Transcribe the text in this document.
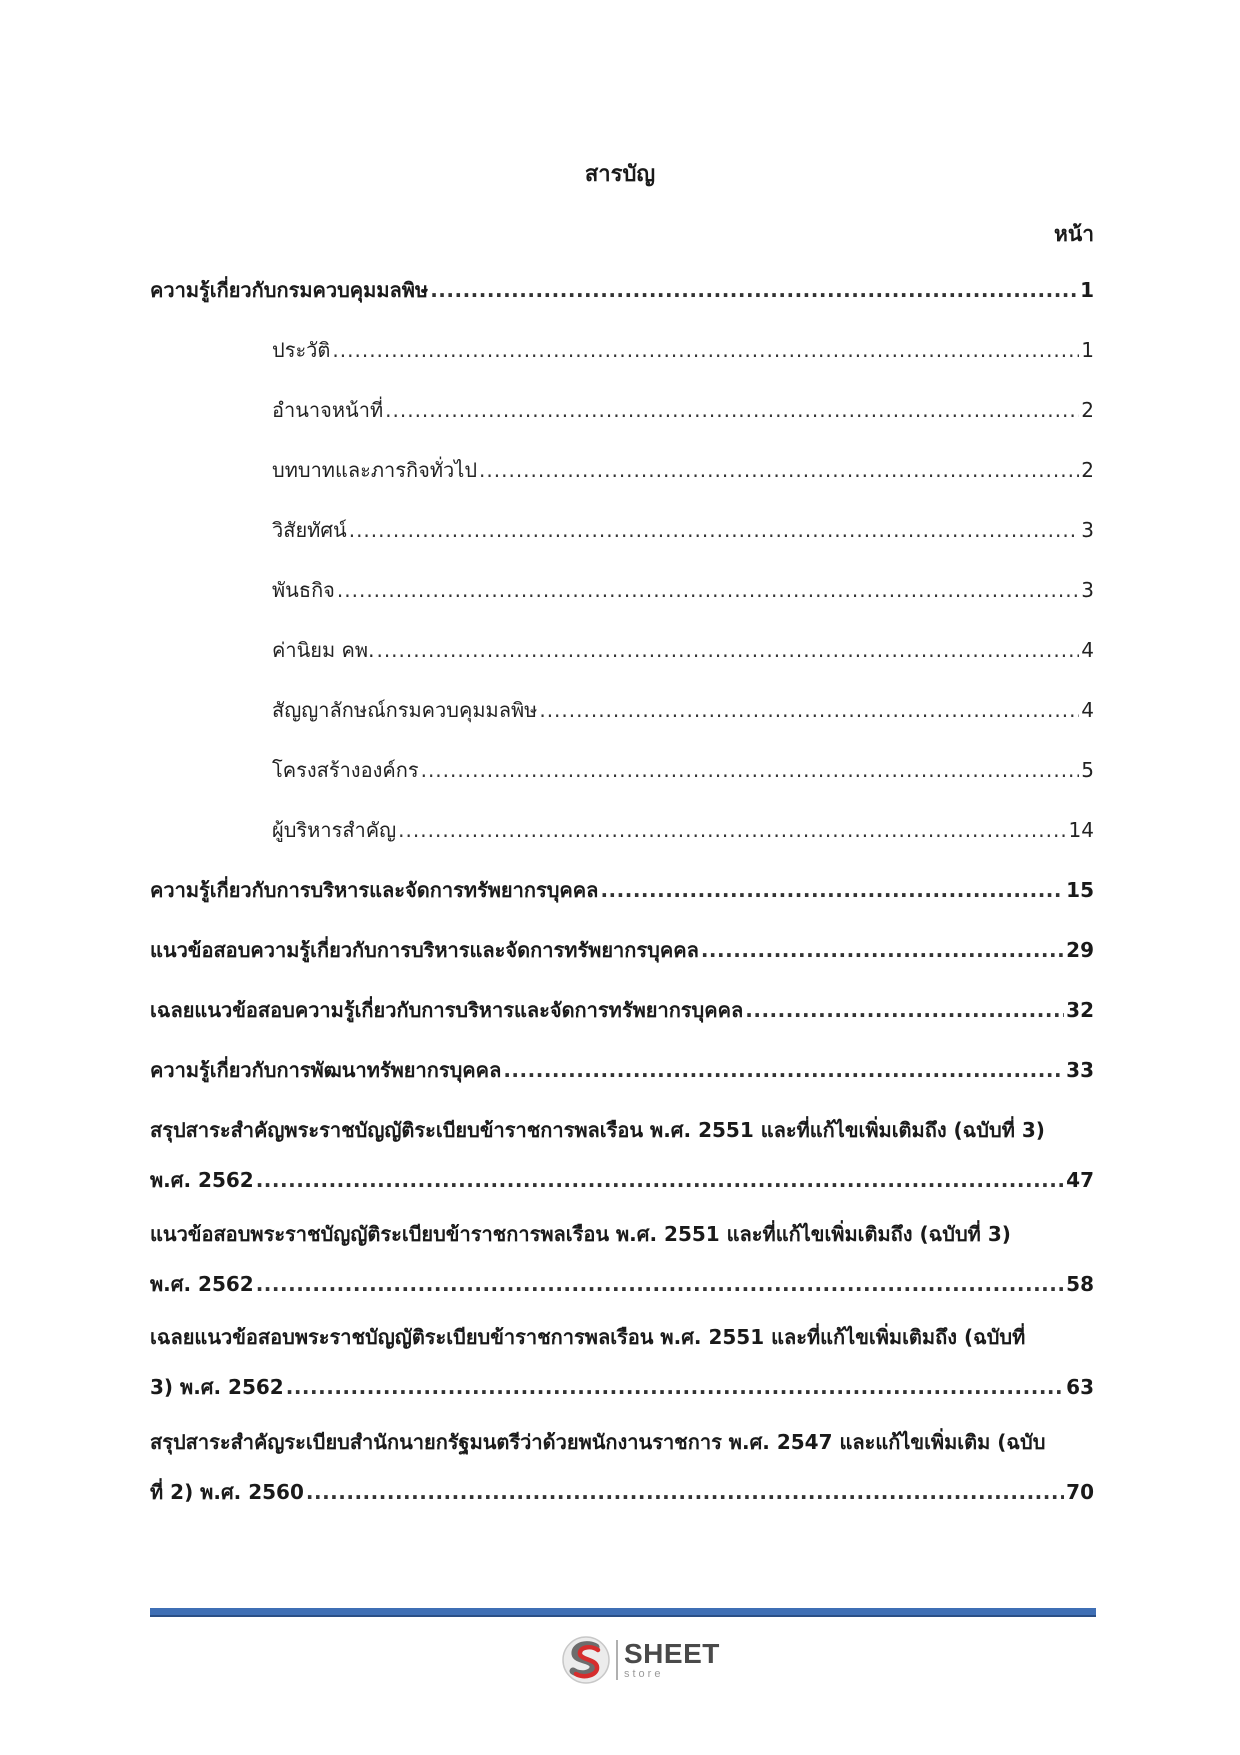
สารบัญ
หน้า
ความรู้เกี่ยวกับกรมควบคุมมลพิษ .....	1
ประวัติ .....	1
อำนาจหน้าที่ .....	2
บทบาทและภารกิจทั่วไป .....	2
วิสัยทัศน์ .....	3
พันธกิจ .....	3
ค่านิยม คพ. .....	4
สัญญาลักษณ์กรมควบคุมมลพิษ .....	4
โครงสร้างองค์กร .....	5
ผู้บริหารสำคัญ .....	14
ความรู้เกี่ยวกับการบริหารและจัดการทรัพยากรบุคคล .....	15
แนวข้อสอบความรู้เกี่ยวกับการบริหารและจัดการทรัพยากรบุคคล .....	29
เฉลยแนวข้อสอบความรู้เกี่ยวกับการบริหารและจัดการทรัพยากรบุคคล .....	32
ความรู้เกี่ยวกับการพัฒนาทรัพยากรบุคคล .....	33
สรุปสาระสำคัญพระราชบัญญัติระเบียบข้าราชการพลเรือน พ.ศ. 2551 และที่แก้ไขเพิ่มเติมถึง (ฉบับที่ 3)
พ.ศ. 2562 .....	47
แนวข้อสอบพระราชบัญญัติระเบียบข้าราชการพลเรือน พ.ศ. 2551 และที่แก้ไขเพิ่มเติมถึง (ฉบับที่ 3)
พ.ศ. 2562 .....	58
เฉลยแนวข้อสอบพระราชบัญญัติระเบียบข้าราชการพลเรือน พ.ศ. 2551 และที่แก้ไขเพิ่มเติมถึง (ฉบับที่
3) พ.ศ. 2562 .....	63
สรุปสาระสำคัญระเบียบสำนักนายกรัฐมนตรีว่าด้วยพนักงานราชการ พ.ศ. 2547 และแก้ไขเพิ่มเติม (ฉบับ
ที่ 2) พ.ศ. 2560 .....	70
SHEET
store
